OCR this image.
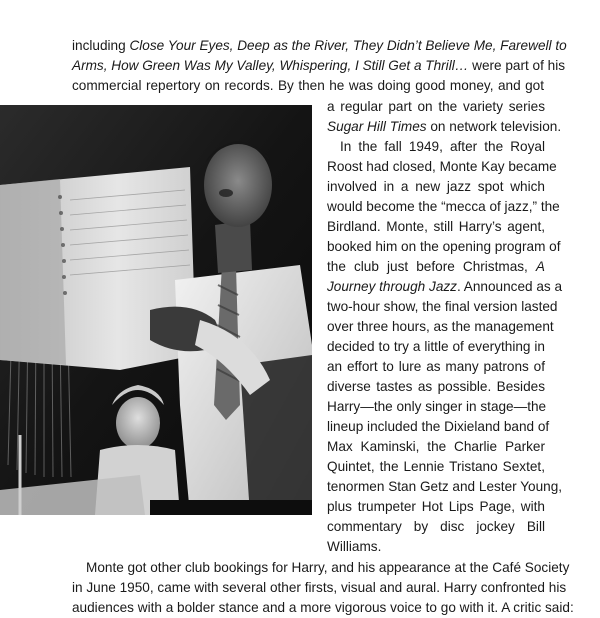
including Close Your Eyes, Deep as the River, They Didn’t Believe Me, Farewell to

Arms, How Green Was My Valley, Whispering, I Still Get a Thrill… were part of his

commercial repertory on records. By then he was doing good money, and got

a regular part on the variety series

Sugar Hill Times on network television.

In the fall 1949, after the Royal

Roost had closed, Monte Kay became

involved in a new jazz spot which

would become the “mecca of jazz,” the

Birdland. Monte, still Harry’s agent,

booked him on the opening program of

the club just before Christmas, A

Journey through Jazz. Announced as a

two-hour show, the final version lasted

over three hours, as the management

decided to try a little of everything in

an effort to lure as many patrons of

diverse tastes as possible. Besides

Harry—the only singer in stage—the

lineup included the Dixieland band of

Max Kaminski, the Charlie Parker

Quintet, the Lennie Tristano Sextet,

tenormen Stan Getz and Lester Young,

plus trumpeter Hot Lips Page, with

commentary by disc jockey Bill

Williams.

Monte got other club bookings for Harry, and his appearance at the Café Society

in June 1950, came with several other firsts, visual and aural. Harry confronted his

audiences with a bolder stance and a more vigorous voice to go with it. A critic said:
